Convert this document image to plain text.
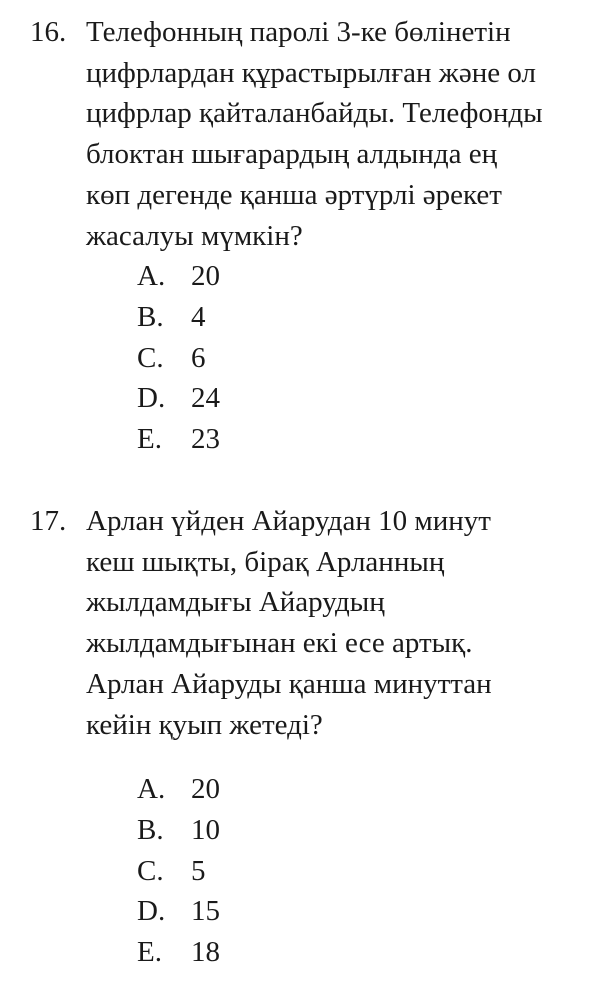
16. Телефонның паролі 3-ке бөлінетін
цифрлардан құрастырылған және ол
цифрлар қайталанбайды. Телефонды
блоктан шығарардың алдында ең
көп дегенде қанша әртүрлі әрекет
жасалуы мүмкін?
A. 20
B. 4
C. 6
D. 24
E.	23
17. Арлан үйден Айарудан 10 минут
кеш шықты, бірақ Арланның
жылдамдығы Айарудың
жылдамдығынан екі есе артық.
Арлан Айаруды қанша минуттан
кейін қуып жетеді?
A. 20
B. 10
C. 5
D. 15
E.	18
